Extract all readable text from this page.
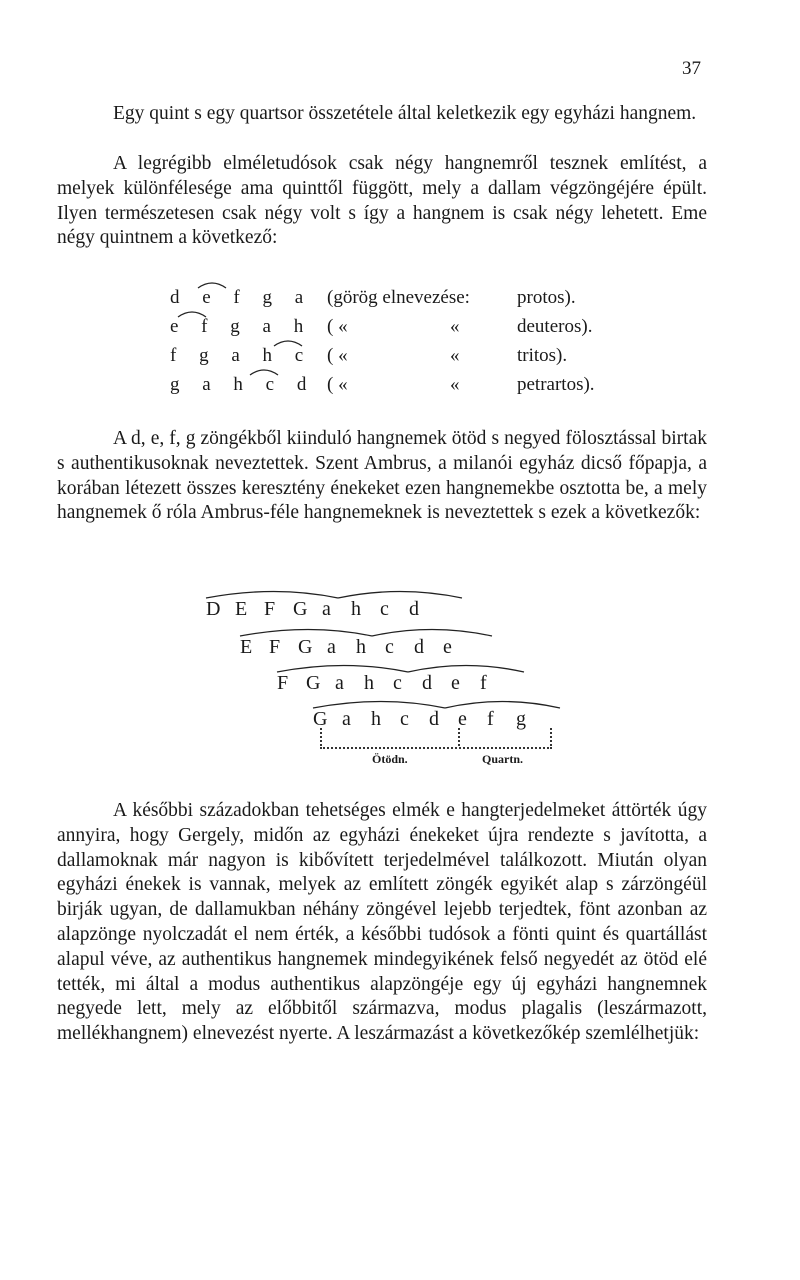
37

Egy quint s egy quartsor összetétele által keletkezik egy egyházi hangnem.

A legrégibb elméletudósok csak négy hangnemről tesznek említést, a melyek különfélesége ama quinttől függött, mely a dallam végzöngéjére épült. Ilyen természetesen csak négy volt s így a hangnem is csak négy lehetett. Eme négy quintnem a következő:

d e f g a (görög elnevezése: protos).
e f g a h ( «	«	deuteros).
f g a h c ( «	«	tritos).
g a h c d ( «	«	petrartos).

A d, e, f, g zöngékből kiinduló hangnemek ötöd s negyed fölosztással birtak s authentikusoknak neveztettek. Szent Ambrus, a milanói egyház dicső főpapja, a korában létezett összes keresztény énekeket ezen hangnemekbe osztotta be, a mely hangnemek ő róla Ambrus-féle hangnemeknek is neveztettek s ezek a következők:

D E F G a h c d
E F G a h c d e
F G a h c d e f
G a h c d e f g
Ötödn.	Quartn.

A későbbi századokban tehetséges elmék e hangterjedelmeket áttörték úgy annyira, hogy Gergely, midőn az egyházi énekeket újra rendezte s javította, a dallamoknak már nagyon is kibővített terjedelmével találkozott. Miután olyan egyházi énekek is vannak, melyek az említett zöngék egyikét alap s zárzöngéül birják ugyan, de dallamukban néhány zöngével lejebb terjedtek, fönt azonban az alapzönge nyolczadát el nem érték, a későbbi tudósok a fönti quint és quartállást alapul véve, az authentikus hangnemek mindegyikének felső negyedét az ötöd elé tették, mi által a modus authentikus alapzöngéje egy új egyházi hangnemnek negyede lett, mely az előbbitől származva, modus plagalis (leszármazott, mellékhangnem) elnevezést nyerte. A leszármazást a következőkép szemlélhetjük:
